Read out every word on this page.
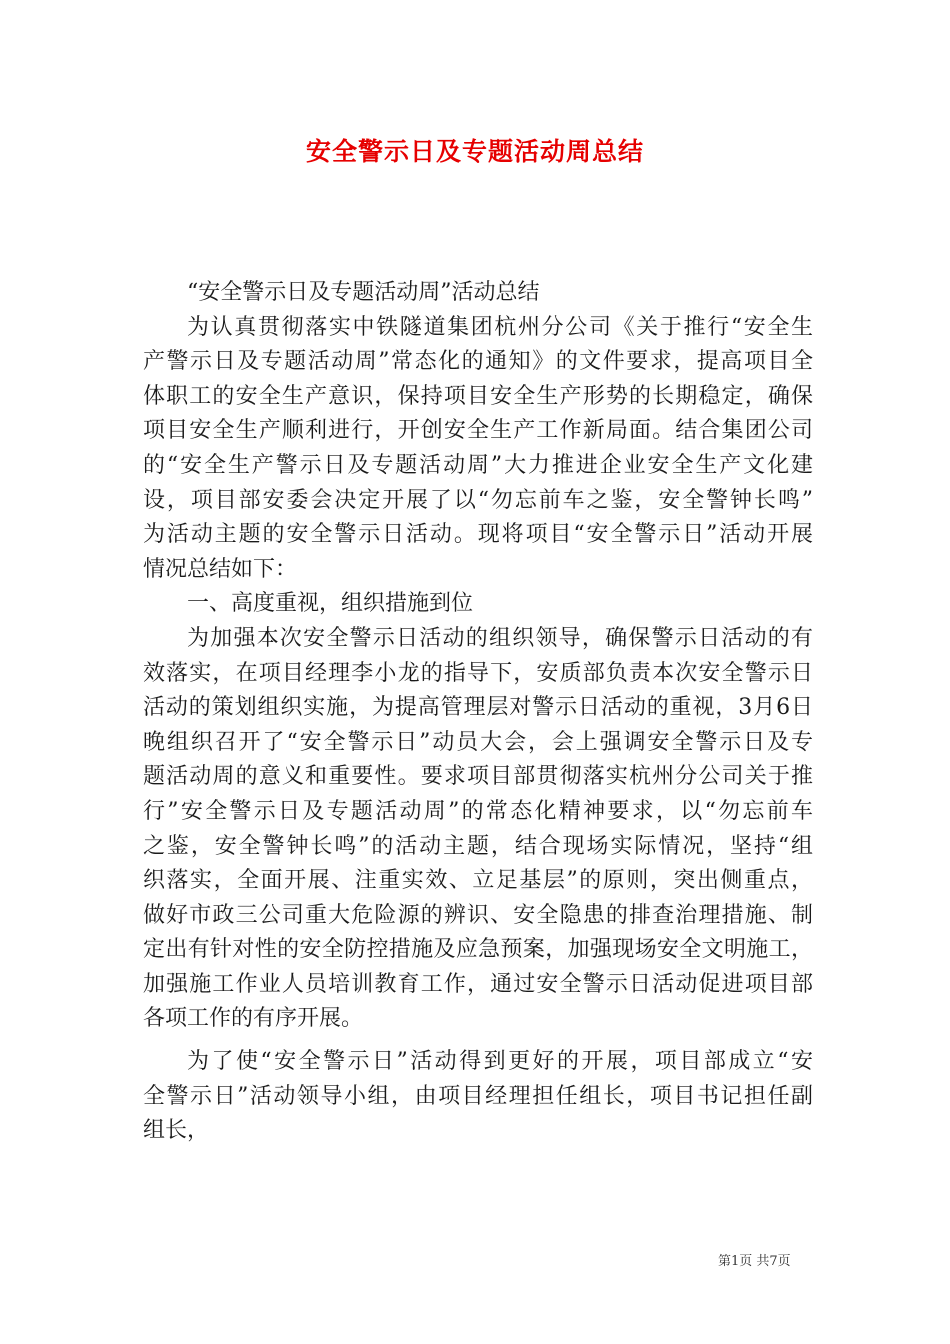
安全警示日及专题活动周总结
“安全警示日及专题活动周”活动总结
为认真贯彻落实中铁隧道集团杭州分公司《关于推行“安全生
产警示日及专题活动周”常态化的通知》的文件要求，提高项目全
体职工的安全生产意识，保持项目安全生产形势的长期稳定，确保
项目安全生产顺利进行，开创安全生产工作新局面。结合集团公司
的“安全生产警示日及专题活动周”大力推进企业安全生产文化建
设，项目部安委会决定开展了以“勿忘前车之鉴，安全警钟长鸣”
为活动主题的安全警示日活动。现将项目“安全警示日”活动开展
情况总结如下：
一、高度重视，组织措施到位
为加强本次安全警示日活动的组织领导，确保警示日活动的有
效落实，在项目经理李小龙的指导下，安质部负责本次安全警示日
活动的策划组织实施，为提高管理层对警示日活动的重视，3月6日
晚组织召开了“安全警示日”动员大会，会上强调安全警示日及专
题活动周的意义和重要性。要求项目部贯彻落实杭州分公司关于推
行”安全警示日及专题活动周”的常态化精神要求，以“勿忘前车
之鉴，安全警钟长鸣”的活动主题，结合现场实际情况，坚持“组
织落实，全面开展、注重实效、立足基层”的原则，突出侧重点，
做好市政三公司重大危险源的辨识、安全隐患的排查治理措施、制
定出有针对性的安全防控措施及应急预案，加强现场安全文明施工，
加强施工作业人员培训教育工作，通过安全警示日活动促进项目部
各项工作的有序开展。
为了使“安全警示日”活动得到更好的开展，项目部成立“安
全警示日”活动领导小组，由项目经理担任组长，项目书记担任副
组长，
第1页 共7页
